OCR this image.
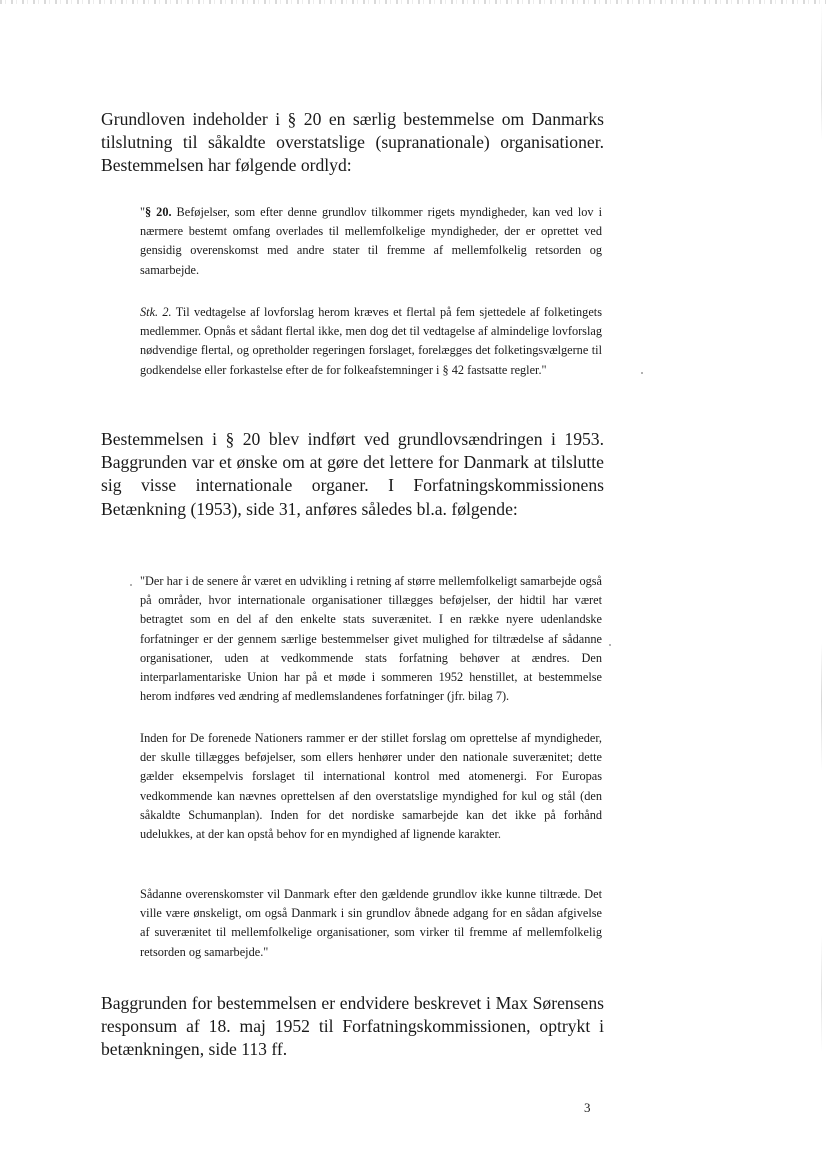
Grundloven indeholder i § 20 en særlig bestemmelse om Danmarks tilslutning til såkaldte overstatslige (supranationale) organisationer. Bestemmelsen har følgende ordlyd:

"§ 20. Beføjelser, som efter denne grundlov tilkommer rigets myndigheder, kan ved lov i nærmere bestemt omfang overlades til mellemfolkelige myndigheder, der er oprettet ved gensidig overenskomst med andre stater til fremme af mellemfolkelig retsorden og samarbejde.

Stk. 2. Til vedtagelse af lovforslag herom kræves et flertal på fem sjettedele af folketingets medlemmer. Opnås et sådant flertal ikke, men dog det til vedtagelse af almindelige lovforslag nødvendige flertal, og opretholder regeringen forslaget, forelægges det folketingsvælgerne til godkendelse eller forkastelse efter de for folkeafstemninger i § 42 fastsatte regler."

Bestemmelsen i § 20 blev indført ved grundlovsændringen i 1953. Baggrunden var et ønske om at gøre det lettere for Danmark at tilslutte sig visse internationale organer. I Forfatningskommissionens Betænkning (1953), side 31, anføres således bl.a. følgende:

"Der har i de senere år været en udvikling i retning af større mellemfolkeligt samarbejde også på områder, hvor internationale organisationer tillægges beføjelser, der hidtil har været betragtet som en del af den enkelte stats suverænitet. I en række nyere udenlandske forfatninger er der gennem særlige bestemmelser givet mulighed for tiltrædelse af sådanne organisationer, uden at vedkommende stats forfatning behøver at ændres. Den interparlamentariske Union har på et møde i sommeren 1952 henstillet, at bestemmelse herom indføres ved ændring af medlemslandenes forfatninger (jfr. bilag 7).

Inden for De forenede Nationers rammer er der stillet forslag om oprettelse af myndigheder, der skulle tillægges beføjelser, som ellers henhører under den nationale suverænitet; dette gælder eksempelvis forslaget til international kontrol med atomenergi. For Europas vedkommende kan nævnes oprettelsen af den overstatslige myndighed for kul og stål (den såkaldte Schumanplan). Inden for det nordiske samarbejde kan det ikke på forhånd udelukkes, at der kan opstå behov for en myndighed af lignende karakter.

Sådanne overenskomster vil Danmark efter den gældende grundlov ikke kunne tiltræde. Det ville være ønskeligt, om også Danmark i sin grundlov åbnede adgang for en sådan afgivelse af suverænitet til mellemfolkelige organisationer, som virker til fremme af mellemfolkelig retsorden og samarbejde."

Baggrunden for bestemmelsen er endvidere beskrevet i Max Sørensens responsum af 18. maj 1952 til Forfatningskommissionen, optrykt i betænkningen, side 113 ff.

3
